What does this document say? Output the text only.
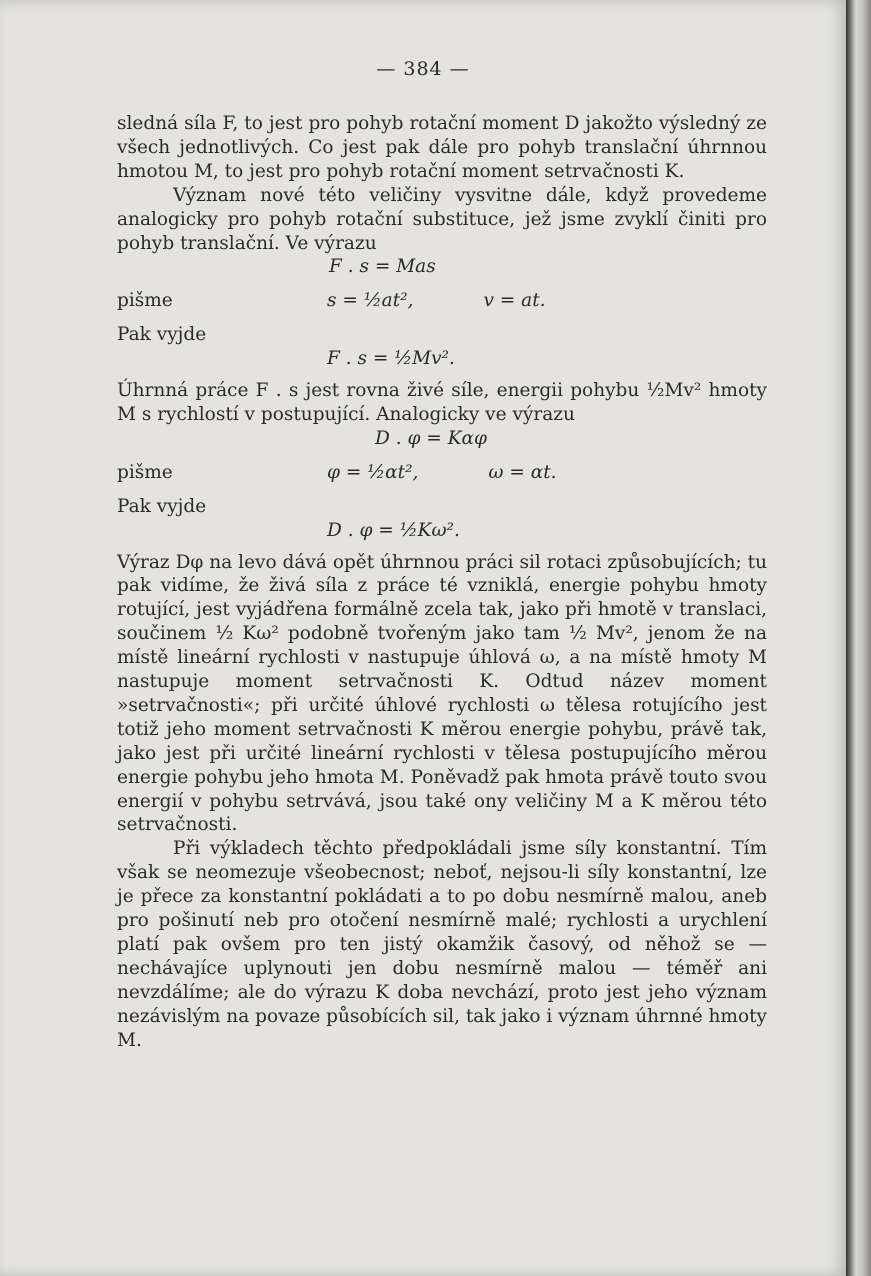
— 384 —

sledná síla F, to jest pro pohyb rotační moment D jakožto výsledný ze všech jednotlivých. Co jest pak dále pro pohyb translační úhrnnou hmotou M, to jest pro pohyb rotační moment setrvačnosti K.

Význam nové této veličiny vysvitne dále, když provedeme analogicky pro pohyb rotační substituce, jež jsme zvyklí činiti pro pohyb translační. Ve výrazu

F . s = Mas
pišme	s = ½at²,	v = at.
Pak vyjde
F . s = ½Mv².

Úhrnná práce F . s jest rovna živé síle, energii pohybu ½Mv² hmoty M s rychlostí v postupující. Analogicky ve výrazu

D . φ = Kαφ
pišme	φ = ½αt²,	ω = αt.
Pak vyjde
D . φ = ½Kω².

Výraz Dφ na levo dává opět úhrnnou práci sil rotaci způsobujících; tu pak vidíme, že živá síla z práce té vzniklá, energie pohybu hmoty rotující, jest vyjádřena formálně zcela tak, jako při hmotě v translaci, součinem ½ Kω² podobně tvořeným jako tam ½ Mv², jenom že na místě lineární rychlosti v nastupuje úhlová ω, a na místě hmoty M nastupuje moment setrvačnosti K. Odtud název moment »setrvačnosti«; při určité úhlové rychlosti ω tělesa rotujícího jest totiž jeho moment setrvačnosti K měrou energie pohybu, právě tak, jako jest při určité lineární rychlosti v tělesa postupujícího měrou energie pohybu jeho hmota M. Poněvadž pak hmota právě touto svou energií v pohybu setrvává, jsou také ony veličiny M a K měrou této setrvačnosti.

Při výkladech těchto předpokládali jsme síly konstantní. Tím však se neomezuje všeobecnost; neboť, nejsou-li síly konstantní, lze je přece za konstantní pokládati a to po dobu nesmírně malou, aneb pro pošinutí neb pro otočení nesmírně malé; rychlosti a urychlení platí pak ovšem pro ten jistý okamžik časový, od něhož se — nechávajíce uplynouti jen dobu nesmírně malou — téměř ani nevzdálíme; ale do výrazu K doba nevchází, proto jest jeho význam nezávislým na povaze působících sil, tak jako i význam úhrnné hmoty M.
